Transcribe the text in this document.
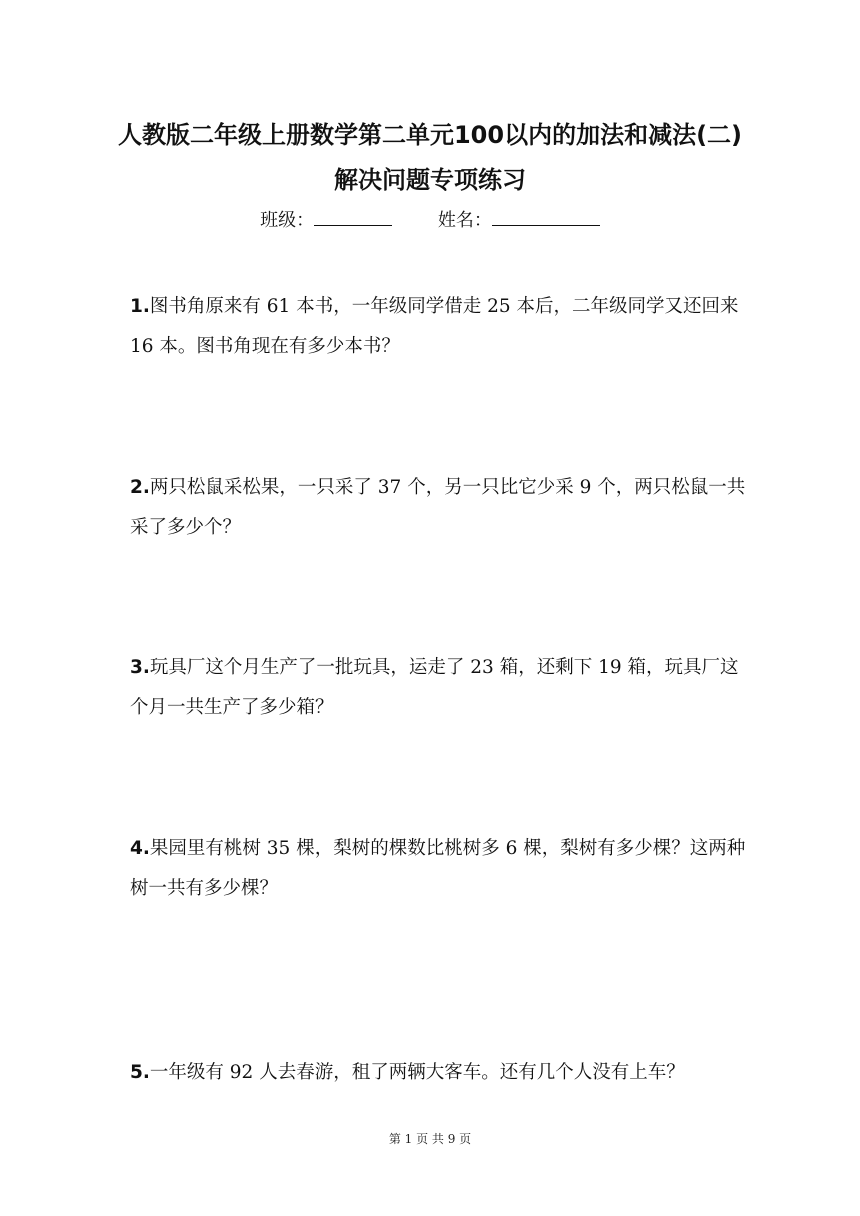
人教版二年级上册数学第二单元100以内的加法和减法(二)
解决问题专项练习
班级：	姓名：
1.图书角原来有 61 本书，一年级同学借走 25 本后，二年级同学又还回来 16 本。图书角现在有多少本书？
2.两只松鼠采松果，一只采了 37 个，另一只比它少采 9 个，两只松鼠一共采了多少个？
3.玩具厂这个月生产了一批玩具，运走了 23 箱，还剩下 19 箱，玩具厂这个月一共生产了多少箱？
4.果园里有桃树 35 棵，梨树的棵数比桃树多 6 棵，梨树有多少棵？这两种树一共有多少棵？
5.一年级有 92 人去春游，租了两辆大客车。还有几个人没有上车？
第 1 页 共 9 页
